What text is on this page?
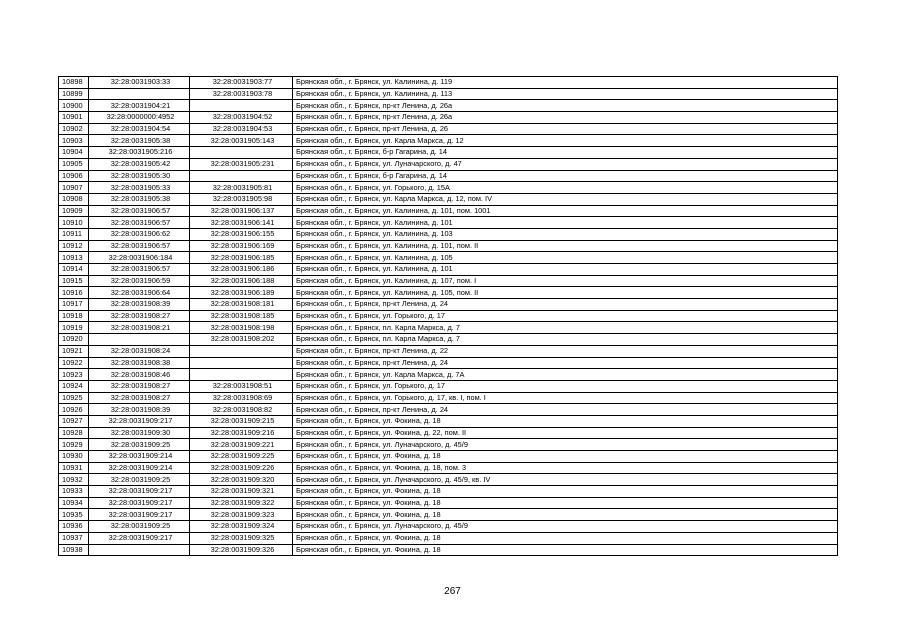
10898	32:28:0031903:33	32:28:0031903:77	Брянская обл., г. Брянск, ул. Калинина, д. 119
10899		32:28:0031903:78	Брянская обл., г. Брянск, ул. Калинина, д. 113
10900	32:28:0031904:21		Брянская обл., г. Брянск, пр-кт Ленина, д. 26а
10901	32:28:0000000:4952	32:28:0031904:52	Брянская обл., г. Брянск, пр-кт Ленина, д. 26а
10902	32:28:0031904:54	32:28:0031904:53	Брянская обл., г. Брянск, пр-кт Ленина, д. 26
10903	32:28:0031905:38	32:28:0031905:143	Брянская обл., г. Брянск, ул. Карла Маркса, д. 12
10904	32:28:0031905:216		Брянская обл., г. Брянск, б-р Гагарина, д. 14
10905	32:28:0031905:42	32:28:0031905:231	Брянская обл., г. Брянск, ул. Луначарского, д. 47
10906	32:28:0031905:30		Брянская обл., г. Брянск, б-р Гагарина, д. 14
10907	32:28:0031905:33	32:28:0031905:81	Брянская обл., г. Брянск, ул. Горького, д. 15А
10908	32:28:0031905:38	32:28:0031905:98	Брянская обл., г. Брянск, ул. Карла Маркса, д. 12, пом. IV
10909	32:28:0031906:57	32:28:0031906:137	Брянская обл., г. Брянск, ул. Калинина, д. 101, пом. 1001
10910	32:28:0031906:57	32:28:0031906:141	Брянская обл., г. Брянск, ул. Калинина, д. 101
10911	32:28:0031906:62	32:28:0031906:155	Брянская обл., г. Брянск, ул. Калинина, д. 103
10912	32:28:0031906:57	32:28:0031906:169	Брянская обл., г. Брянск, ул. Калинина, д. 101, пом. II
10913	32:28:0031906:184	32:28:0031906:185	Брянская обл., г. Брянск, ул. Калинина, д. 105
10914	32:28:0031906:57	32:28:0031906:186	Брянская обл., г. Брянск, ул. Калинина, д. 101
10915	32:28:0031906:59	32:28:0031906:188	Брянская обл., г. Брянск, ул. Калинина, д. 107, пом. I
10916	32:28:0031906:64	32:28:0031906:189	Брянская обл., г. Брянск, ул. Калинина, д. 105, пом. II
10917	32:28:0031908:39	32:28:0031908:181	Брянская обл., г. Брянск, пр-кт Ленина, д. 24
10918	32:28:0031908:27	32:28:0031908:185	Брянская обл., г. Брянск, ул. Горького, д. 17
10919	32:28:0031908:21	32:28:0031908:198	Брянская обл., г. Брянск, пл. Карла Маркса, д. 7
10920		32:28:0031908:202	Брянская обл., г. Брянск, пл. Карла Маркса, д. 7
10921	32:28:0031908:24		Брянская обл., г. Брянск, пр-кт Ленина, д. 22
10922	32:28:0031908:38		Брянская обл., г. Брянск, пр-кт Ленина, д. 24
10923	32:28:0031908:46		Брянская обл., г. Брянск, ул. Карла Маркса, д. 7А
10924	32:28:0031908:27	32:28:0031908:51	Брянская обл., г. Брянск, ул. Горького, д. 17
10925	32:28:0031908:27	32:28:0031908:69	Брянская обл., г. Брянск, ул. Горького, д. 17, кв. I, пом. I
10926	32:28:0031908:39	32:28:0031908:82	Брянская обл., г. Брянск, пр-кт Ленина, д. 24
10927	32:28:0031909:217	32:28:0031909:215	Брянская обл., г. Брянск, ул. Фокина, д. 18
10928	32:28:0031909:30	32:28:0031909:216	Брянская обл., г. Брянск, ул. Фокина, д. 22, пом. II
10929	32:28:0031909:25	32:28:0031909:221	Брянская обл., г. Брянск, ул. Луначарского, д. 45/9
10930	32:28:0031909:214	32:28:0031909:225	Брянская обл., г. Брянск, ул. Фокина, д. 18
10931	32:28:0031909:214	32:28:0031909:226	Брянская обл., г. Брянск, ул. Фокина, д. 18, пом. 3
10932	32:28:0031909:25	32:28:0031909:320	Брянская обл., г. Брянск, ул. Луначарского, д. 45/9, кв. IV
10933	32:28:0031909:217	32:28:0031909:321	Брянская обл., г. Брянск, ул. Фокина, д. 18
10934	32:28:0031909:217	32:28:0031909:322	Брянская обл., г. Брянск, ул. Фокина, д. 18
10935	32:28:0031909:217	32:28:0031909:323	Брянская обл., г. Брянск, ул. Фокина, д. 18
10936	32:28:0031909:25	32:28:0031909:324	Брянская обл., г. Брянск, ул. Луначарского, д. 45/9
10937	32:28:0031909:217	32:28:0031909:325	Брянская обл., г. Брянск, ул. Фокина, д. 18
10938		32:28:0031909:326	Брянская обл., г. Брянск, ул. Фокина, д. 18
267
